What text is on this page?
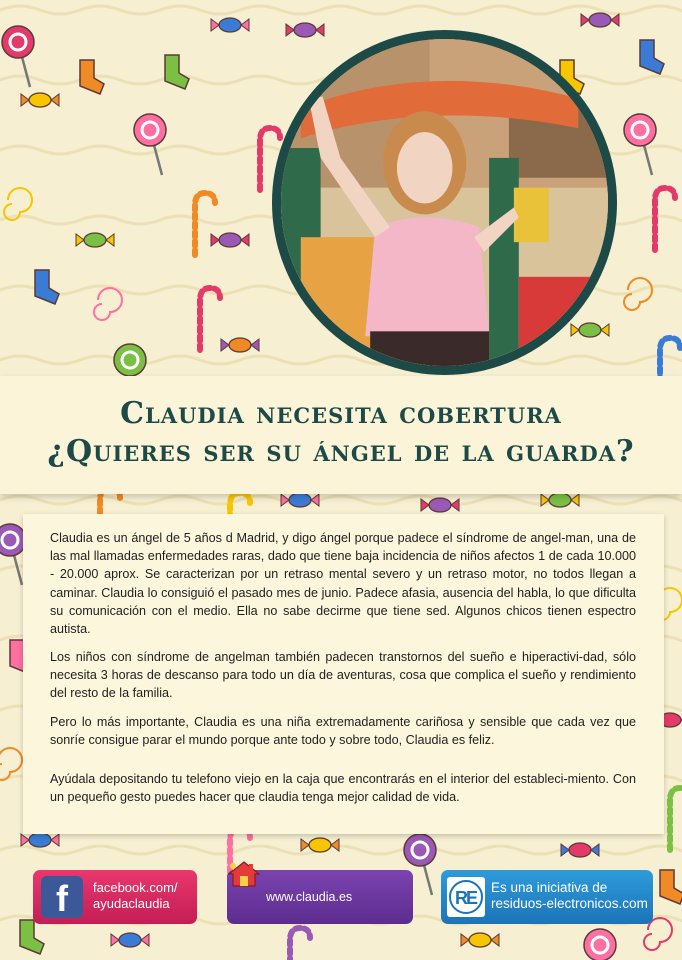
Claudia necesita cobertura
¿Quieres ser su ángel de la guarda?

Claudia es un ángel de 5 años d Madrid, y digo ángel porque padece el síndrome de angel-man, una de las mal llamadas enfermedades raras, dado que tiene baja incidencia de niños afectos 1 de cada 10.000 - 20.000 aprox. Se caracterizan por un retraso mental severo y un retraso motor, no todos llegan a caminar. Claudia lo consiguió el pasado mes de junio. Padece afasia, ausencia del habla, lo que dificulta su comunicación con el medio. Ella no sabe decirme que tiene sed. Algunos chicos tienen espectro autista.

Los niños con síndrome de angelman también padecen transtornos del sueño e hiperactivi-dad, sólo necesita 3 horas de descanso para todo un día de aventuras, cosa que complica el sueño y rendimiento del resto de la familia.

Pero lo más importante, Claudia es una niña extremadamente cariñosa y sensible que cada vez que sonríe consigue parar el mundo porque ante todo y sobre todo, Claudia es feliz.

Ayúdala depositando tu telefono viejo en la caja que encontrarás en el interior del estableci-miento. Con un pequeño gesto puedes hacer que claudia tenga mejor calidad de vida.

f	facebook.com/
ayudaclaudia	www.claudia.es	R
E
Es una iniciativa de
residuos-electronicos.com
